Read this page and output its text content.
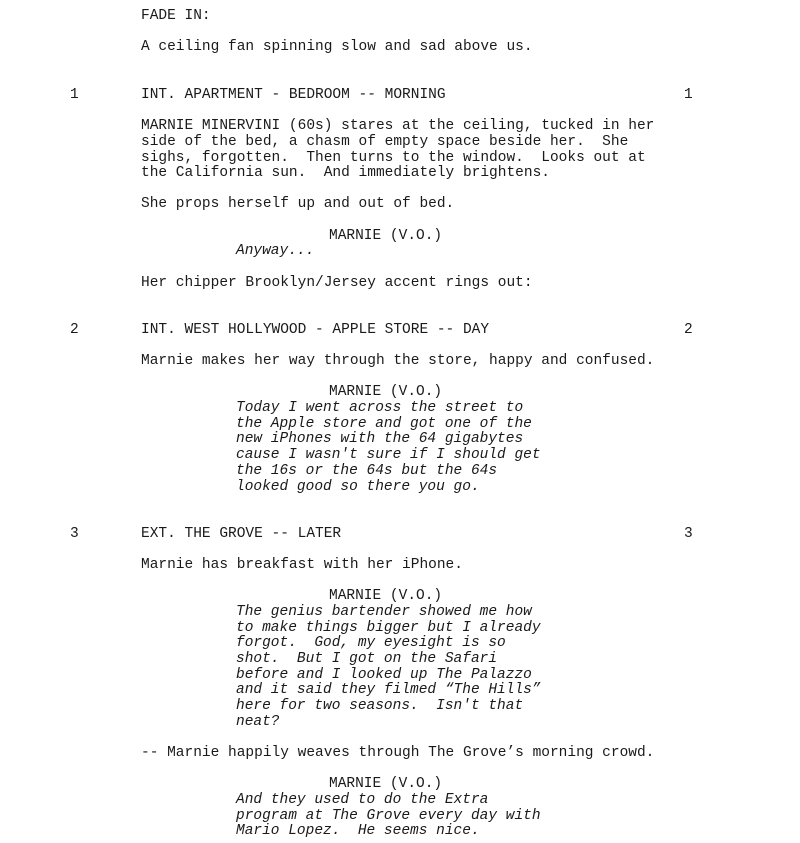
FADE IN:
A ceiling fan spinning slow and sad above us.
1	INT. APARTMENT - BEDROOM -- MORNING	1
MARNIE MINERVINI (60s) stares at the ceiling, tucked in her
side of the bed, a chasm of empty space beside her.  She
sighs, forgotten.  Then turns to the window.  Looks out at
the California sun.  And immediately brightens.
She props herself up and out of bed.
MARNIE (V.O.)
Anyway...
Her chipper Brooklyn/Jersey accent rings out:
2	INT. WEST HOLLYWOOD - APPLE STORE -- DAY	2
Marnie makes her way through the store, happy and confused.
MARNIE (V.O.)
Today I went across the street to
the Apple store and got one of the
new iPhones with the 64 gigabytes
cause I wasn't sure if I should get
the 16s or the 64s but the 64s
looked good so there you go.
3	EXT. THE GROVE -- LATER	3
Marnie has breakfast with her iPhone.
MARNIE (V.O.)
The genius bartender showed me how
to make things bigger but I already
forgot.  God, my eyesight is so
shot.  But I got on the Safari
before and I looked up The Palazzo
and it said they filmed “The Hills”
here for two seasons.  Isn't that
neat?
-- Marnie happily weaves through The Grove’s morning crowd.
MARNIE (V.O.)
And they used to do the Extra
program at The Grove every day with
Mario Lopez.  He seems nice.
